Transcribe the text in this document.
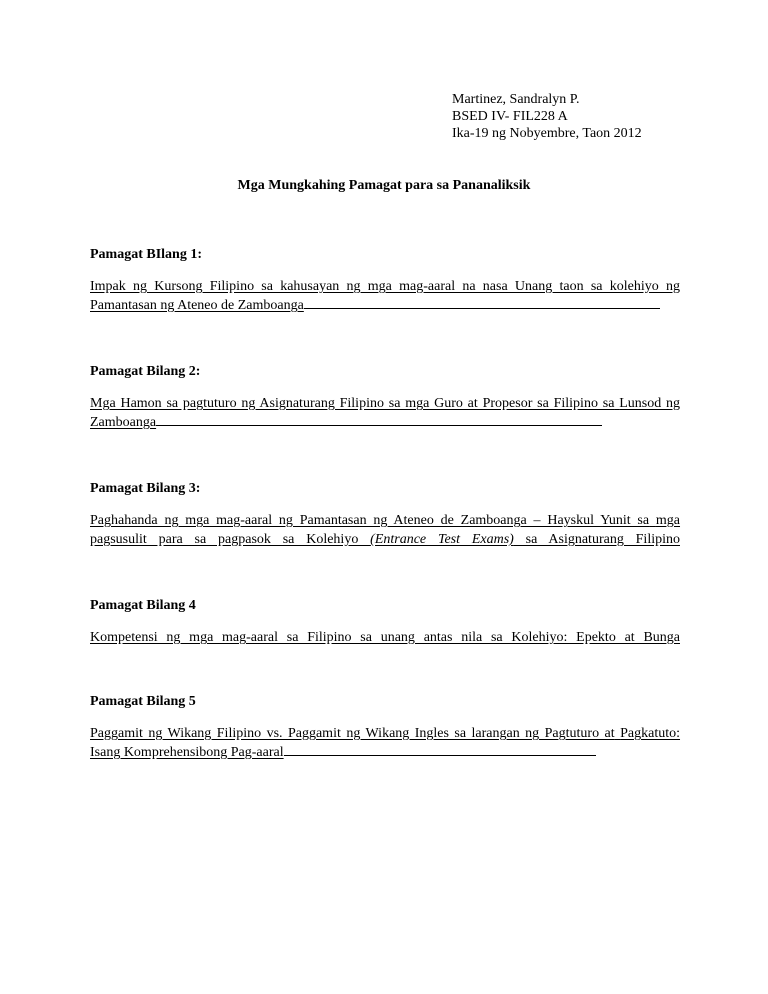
Martinez, Sandralyn P.
BSED IV- FIL228 A
Ika-19 ng Nobyembre, Taon 2012
Mga Mungkahing Pamagat para sa Pananaliksik
Pamagat BIlang 1:
Impak ng Kursong Filipino sa kahusayan ng mga mag-aaral na nasa Unang taon sa kolehiyo ng Pamantasan ng Ateneo de Zamboanga
Pamagat Bilang 2:
Mga Hamon sa pagtuturo ng Asignaturang Filipino sa mga Guro at Propesor sa Filipino sa Lunsod ng Zamboanga
Pamagat Bilang 3:
Paghahanda ng mga mag-aaral ng Pamantasan ng Ateneo de Zamboanga – Hayskul Yunit sa mga pagsusulit para sa pagpasok sa Kolehiyo (Entrance Test Exams) sa Asignaturang Filipino
Pamagat Bilang 4
Kompetensi ng mga mag-aaral sa Filipino sa unang antas nila sa Kolehiyo: Epekto at Bunga
Pamagat Bilang 5
Paggamit ng Wikang Filipino vs. Paggamit ng Wikang Ingles sa larangan ng Pagtuturo at Pagkatuto: Isang Komprehensibong Pag-aaral
